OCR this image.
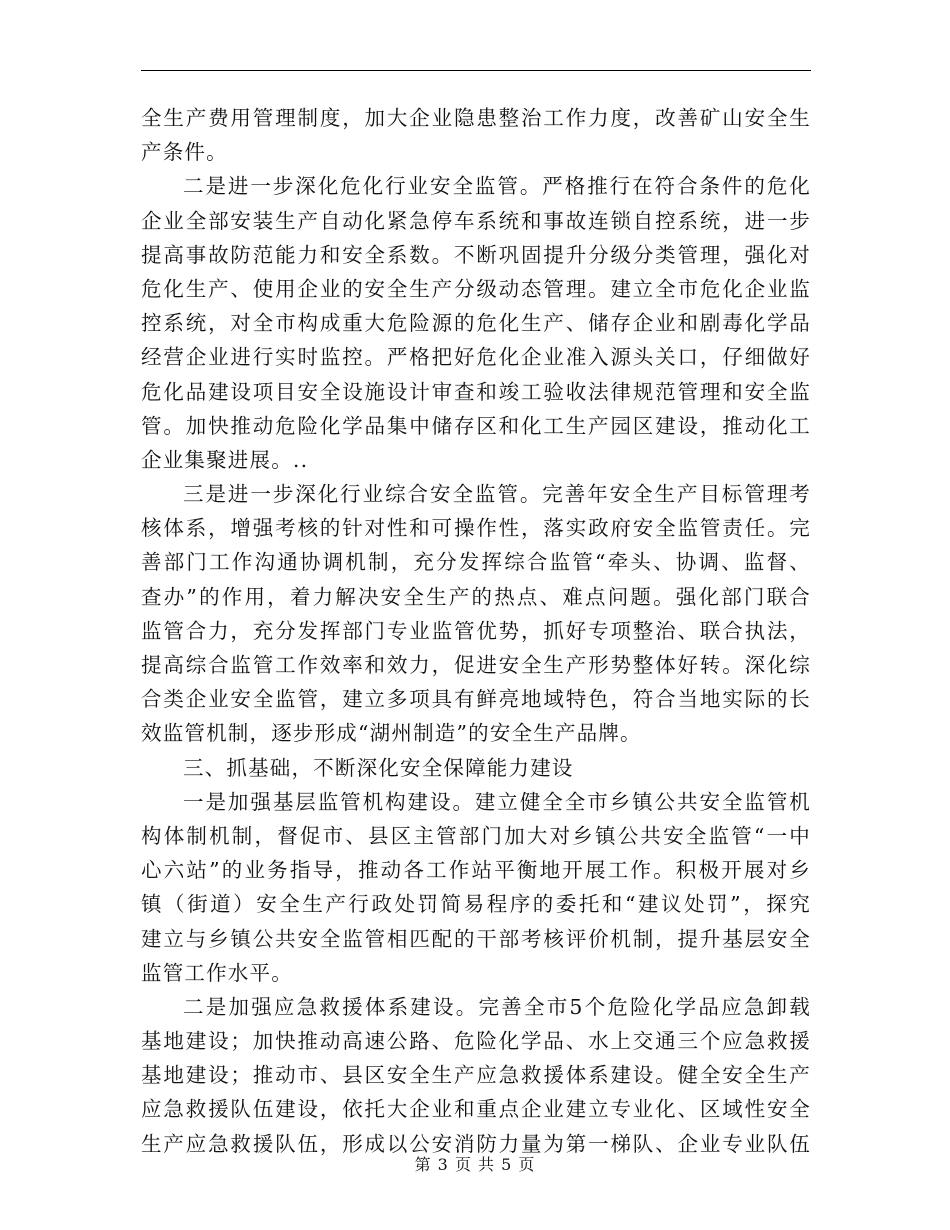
全生产费用管理制度，加大企业隐患整治工作力度，改善矿山安全生
产条件。
二是进一步深化危化行业安全监管。严格推行在符合条件的危化
企业全部安装生产自动化紧急停车系统和事故连锁自控系统，进一步
提高事故防范能力和安全系数。不断巩固提升分级分类管理，强化对
危化生产、使用企业的安全生产分级动态管理。建立全市危化企业监
控系统，对全市构成重大危险源的危化生产、储存企业和剧毒化学品
经营企业进行实时监控。严格把好危化企业准入源头关口，仔细做好
危化品建设项目安全设施设计审查和竣工验收法律规范管理和安全监
管。加快推动危险化学品集中储存区和化工生产园区建设，推动化工
企业集聚进展。..
三是进一步深化行业综合安全监管。完善年安全生产目标管理考
核体系，增强考核的针对性和可操作性，落实政府安全监管责任。完
善部门工作沟通协调机制，充分发挥综合监管“牵头、协调、监督、
查办”的作用，着力解决安全生产的热点、难点问题。强化部门联合
监管合力，充分发挥部门专业监管优势，抓好专项整治、联合执法，
提高综合监管工作效率和效力，促进安全生产形势整体好转。深化综
合类企业安全监管，建立多项具有鲜亮地域特色，符合当地实际的长
效监管机制，逐步形成“湖州制造”的安全生产品牌。
三、抓基础，不断深化安全保障能力建设
一是加强基层监管机构建设。建立健全全市乡镇公共安全监管机
构体制机制，督促市、县区主管部门加大对乡镇公共安全监管“一中
心六站”的业务指导，推动各工作站平衡地开展工作。积极开展对乡
镇（街道）安全生产行政处罚简易程序的委托和“建议处罚”，探究
建立与乡镇公共安全监管相匹配的干部考核评价机制，提升基层安全
监管工作水平。
二是加强应急救援体系建设。完善全市5个危险化学品应急卸载
基地建设；加快推动高速公路、危险化学品、水上交通三个应急救援
基地建设；推动市、县区安全生产应急救援体系建设。健全安全生产
应急救援队伍建设，依托大企业和重点企业建立专业化、区域性安全
生产应急救援队伍，形成以公安消防力量为第一梯队、企业专业队伍
第 3 页 共 5 页
